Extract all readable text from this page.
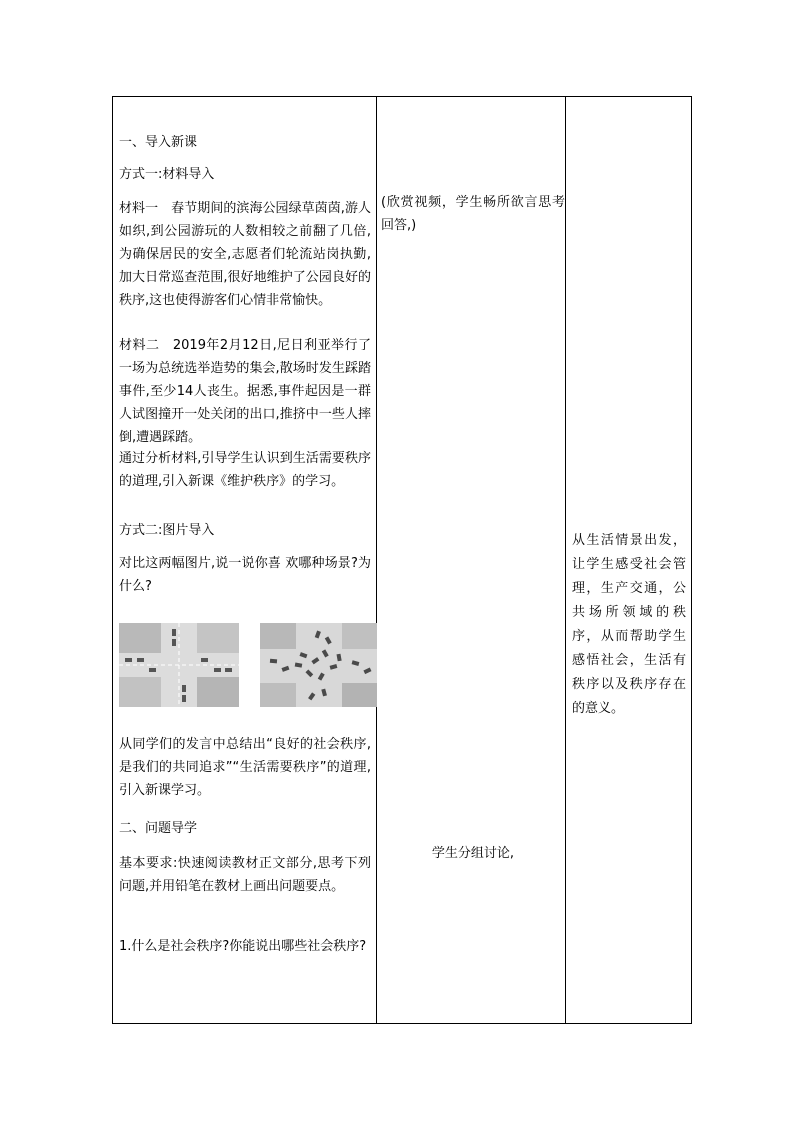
一、导入新课

方式一:材料导入

材料一　春节期间的滨海公园绿草茵茵,游人如织,到公园游玩的人数相较之前翻了几倍,为确保居民的安全,志愿者们轮流站岗执勤,加大日常巡查范围,很好地维护了公园良好的秩序,这也使得游客们心情非常愉快。

材料二　2019年2月12日,尼日利亚举行了一场为总统选举造势的集会,散场时发生踩踏事件,至少14人丧生。据悉,事件起因是一群人试图撞开一处关闭的出口,推挤中一些人摔倒,遭遇踩踏。

通过分析材料,引导学生认识到生活需要秩序的道理,引入新课《维护秩序》的学习。

方式二:图片导入

对比这两幅图片,说一说你喜 欢哪种场景?为什么?

从同学们的发言中总结出“良好的社会秩序,是我们的共同追求”“生活需要秩序”的道理,引入新课学习。

二、问题导学

基本要求:快速阅读教材正文部分,思考下列问题,并用铅笔在教材上画出问题要点。

1.什么是社会秩序?你能说出哪些社会秩序?

(欣赏视频，学生畅所欲言思考回答,)

学生分组讨论,

从生活情景出发，让学生感受社会管理，生产交通，公共场所领域的秩序，从而帮助学生感悟社会，生活有秩序以及秩序存在的意义。
